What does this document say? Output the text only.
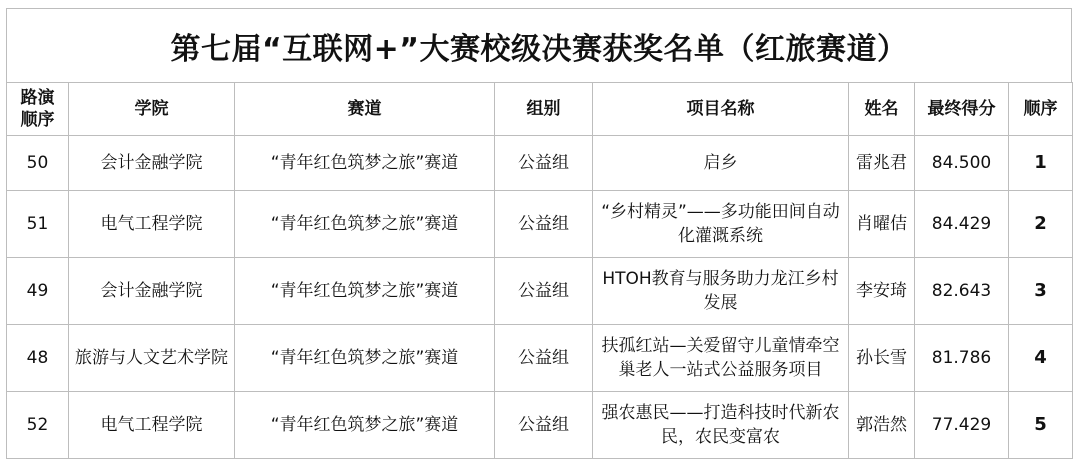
第七届“互联网+”大赛校级决赛获奖名单（红旅赛道）
路演
顺序	学院	赛道	组别	项目名称	姓名	最终得分	顺序
50	会计金融学院	“青年红色筑梦之旅”赛道	公益组	启乡	雷兆君	84.500	1
51	电气工程学院	“青年红色筑梦之旅”赛道	公益组	“乡村精灵”——多功能田间自动化灌溉系统	肖曜佶	84.429	2
49	会计金融学院	“青年红色筑梦之旅”赛道	公益组	HTOH教育与服务助力龙江乡村发展	李安琦	82.643	3
48	旅游与人文艺术学院	“青年红色筑梦之旅”赛道	公益组	扶孤红站—关爱留守儿童情牵空巢老人一站式公益服务项目	孙长雪	81.786	4
52	电气工程学院	“青年红色筑梦之旅”赛道	公益组	强农惠民——打造科技时代新农民，农民变富农	郭浩然	77.429	5
